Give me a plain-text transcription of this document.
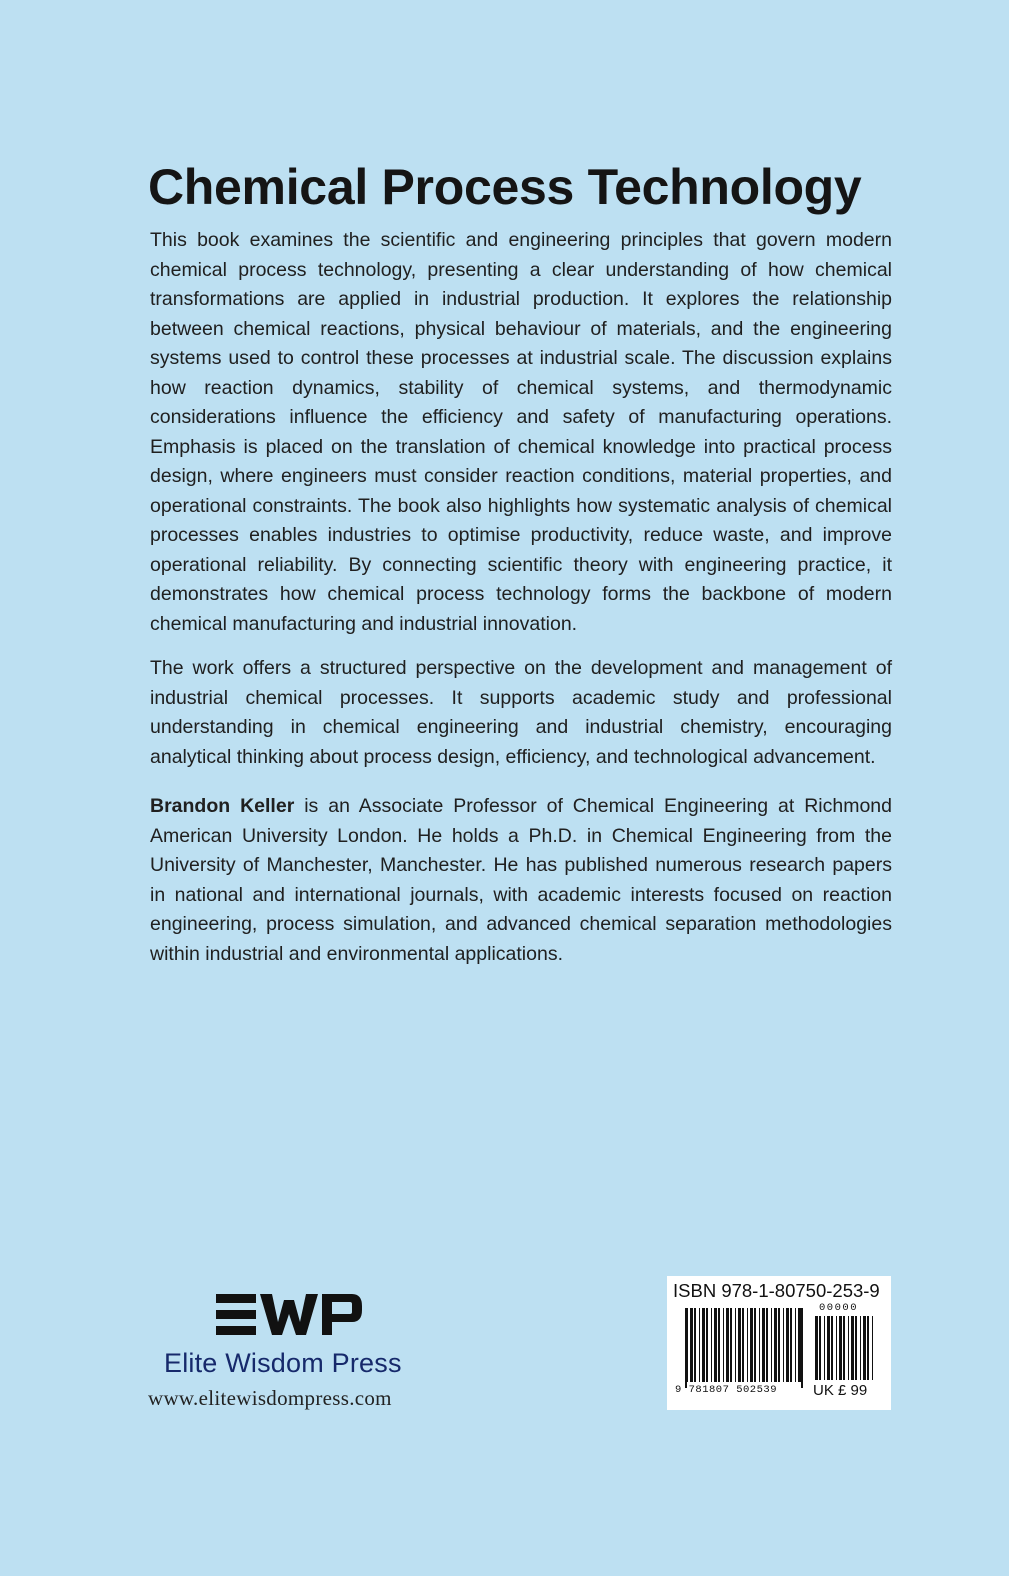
Chemical Process Technology

This book examines the scientific and engineering principles that govern modern chemical process technology, presenting a clear understanding of how chemical transformations are applied in industrial production. It explores the relationship between chemical reactions, physical behaviour of materials, and the engineering systems used to control these processes at industrial scale. The discussion explains how reaction dynamics, stability of chemical systems, and thermodynamic considerations influence the efficiency and safety of manufacturing operations. Emphasis is placed on the translation of chemical knowledge into practical process design, where engineers must consider reaction conditions, material properties, and operational constraints. The book also highlights how systematic analysis of chemical processes enables industries to optimise productivity, reduce waste, and improve operational reliability. By connecting scientific theory with engineering practice, it demonstrates how chemical process technology forms the backbone of modern chemical manufacturing and industrial innovation.

The work offers a structured perspective on the development and management of industrial chemical processes. It supports academic study and professional understanding in chemical engineering and industrial chemistry, encouraging analytical thinking about process design, efficiency, and technological advancement.

Brandon Keller is an Associate Professor of Chemical Engineering at Richmond American University London. He holds a Ph.D. in Chemical Engineering from the University of Manchester, Manchester. He has published numerous research papers in national and international journals, with academic interests focused on reaction engineering, process simulation, and advanced chemical separation methodologies within industrial and environmental applications.

Elite Wisdom Press
www.elitewisdompress.com
ISBN 978-1-80750-253-9
00000
9 781807 502539 UK £ 99
